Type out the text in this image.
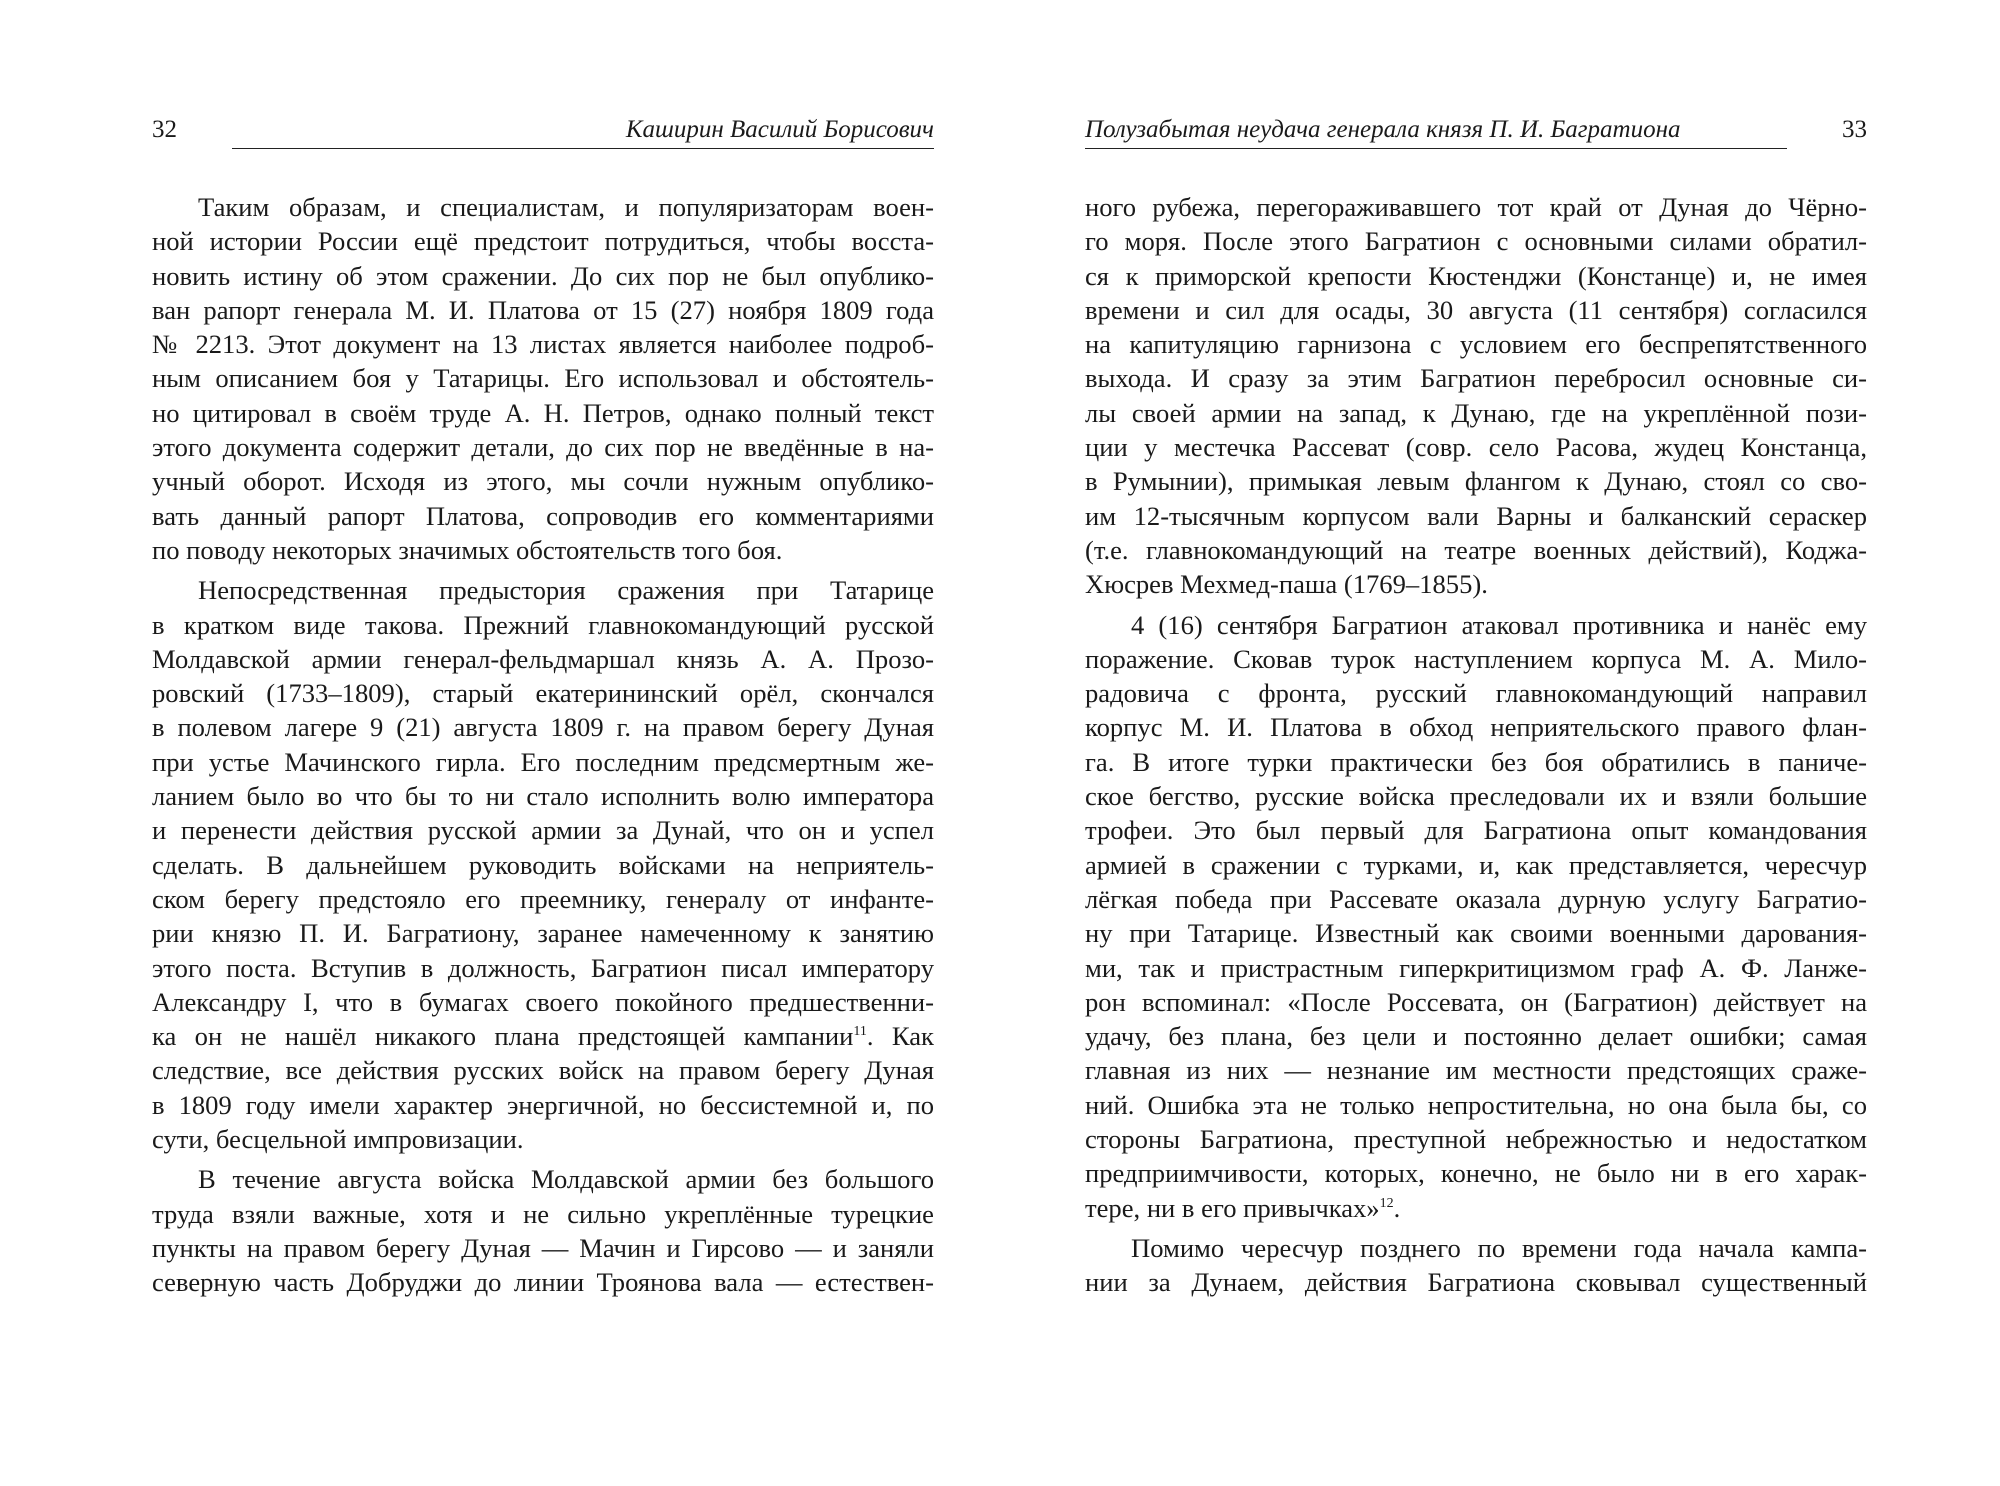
32	Каширин Василий Борисович
Таким образам, и специалистам, и популяризаторам воен-
ной истории России ещё предстоит потрудиться, чтобы восста-
новить истину об этом сражении. До сих пор не был опублико-
ван рапорт генерала М. И. Платова от 15 (27) ноября 1809 года
№ 2213. Этот документ на 13 листах является наиболее подроб-
ным описанием боя у Татарицы. Его использовал и обстоятель-
но цитировал в своём труде А. Н. Петров, однако полный текст
этого документа содержит детали, до сих пор не введённые в на-
учный оборот. Исходя из этого, мы сочли нужным опублико-
вать данный рапорт Платова, сопроводив его комментариями
по поводу некоторых значимых обстоятельств того боя.
Непосредственная предыстория сражения при Татарице
в кратком виде такова. Прежний главнокомандующий русской
Молдавской армии генерал-фельдмаршал князь А. А. Прозо-
ровский (1733–1809), старый екатерининский орёл, скончался
в полевом лагере 9 (21) августа 1809 г. на правом берегу Дуная
при устье Мачинского гирла. Его последним предсмертным же-
ланием было во что бы то ни стало исполнить волю императора
и перенести действия русской армии за Дунай, что он и успел
сделать. В дальнейшем руководить войсками на неприятель-
ском берегу предстояло его преемнику, генералу от инфанте-
рии князю П. И. Багратиону, заранее намеченному к занятию
этого поста. Вступив в должность, Багратион писал императору
Александру I, что в бумагах своего покойного предшественни-
ка он не нашёл никакого плана предстоящей кампании$^{11}$. Как
следствие, все действия русских войск на правом берегу Дуная
в 1809 году имели характер энергичной, но бессистемной и, по
сути, бесцельной импровизации.
В течение августа войска Молдавской армии без большого
труда взяли важные, хотя и не сильно укреплённые турецкие
пункты на правом берегу Дуная — Мачин и Гирсово — и заняли
северную часть Добруджи до линии Троянова вала — естествен-
Полузабытая неудача генерала князя П. И. Багратиона	33
ного рубежа, перегораживавшего тот край от Дуная до Чёрно-
го моря. После этого Багратион с основными силами обратил-
ся к приморской крепости Кюстенджи (Констанце) и, не имея
времени и сил для осады, 30 августа (11 сентября) согласился
на капитуляцию гарнизона с условием его беспрепятственного
выхода. И сразу за этим Багратион перебросил основные си-
лы своей армии на запад, к Дунаю, где на укреплённой пози-
ции у местечка Рассеват (совр. село Расова, жудец Констанца,
в Румынии), примыкая левым флангом к Дунаю, стоял со сво-
им 12-тысячным корпусом вали Варны и балканский сераскер
(т.е. главнокомандующий на театре военных действий), Коджа-
Хюсрев Мехмед-паша (1769–1855).
4 (16) сентября Багратион атаковал противника и нанёс ему
поражение. Сковав турок наступлением корпуса М. А. Мило-
радовича с фронта, русский главнокомандующий направил
корпус М. И. Платова в обход неприятельского правого флан-
га. В итоге турки практически без боя обратились в паниче-
ское бегство, русские войска преследовали их и взяли большие
трофеи. Это был первый для Багратиона опыт командования
армией в сражении с турками, и, как представляется, чересчур
лёгкая победа при Рассевате оказала дурную услугу Багратио-
ну при Татарице. Известный как своими военными дарования-
ми, так и пристрастным гиперкритицизмом граф А. Ф. Ланже-
рон вспоминал: «После Россевата, он (Багратион) действует на
удачу, без плана, без цели и постоянно делает ошибки; самая
главная из них — незнание им местности предстоящих сраже-
ний. Ошибка эта не только непростительна, но она была бы, со
стороны Багратиона, преступной небрежностью и недостатком
предприимчивости, которых, конечно, не было ни в его харак-
тере, ни в его привычках»$^{12}$.
Помимо чересчур позднего по времени года начала кампа-
нии за Дунаем, действия Багратиона сковывал существенный
